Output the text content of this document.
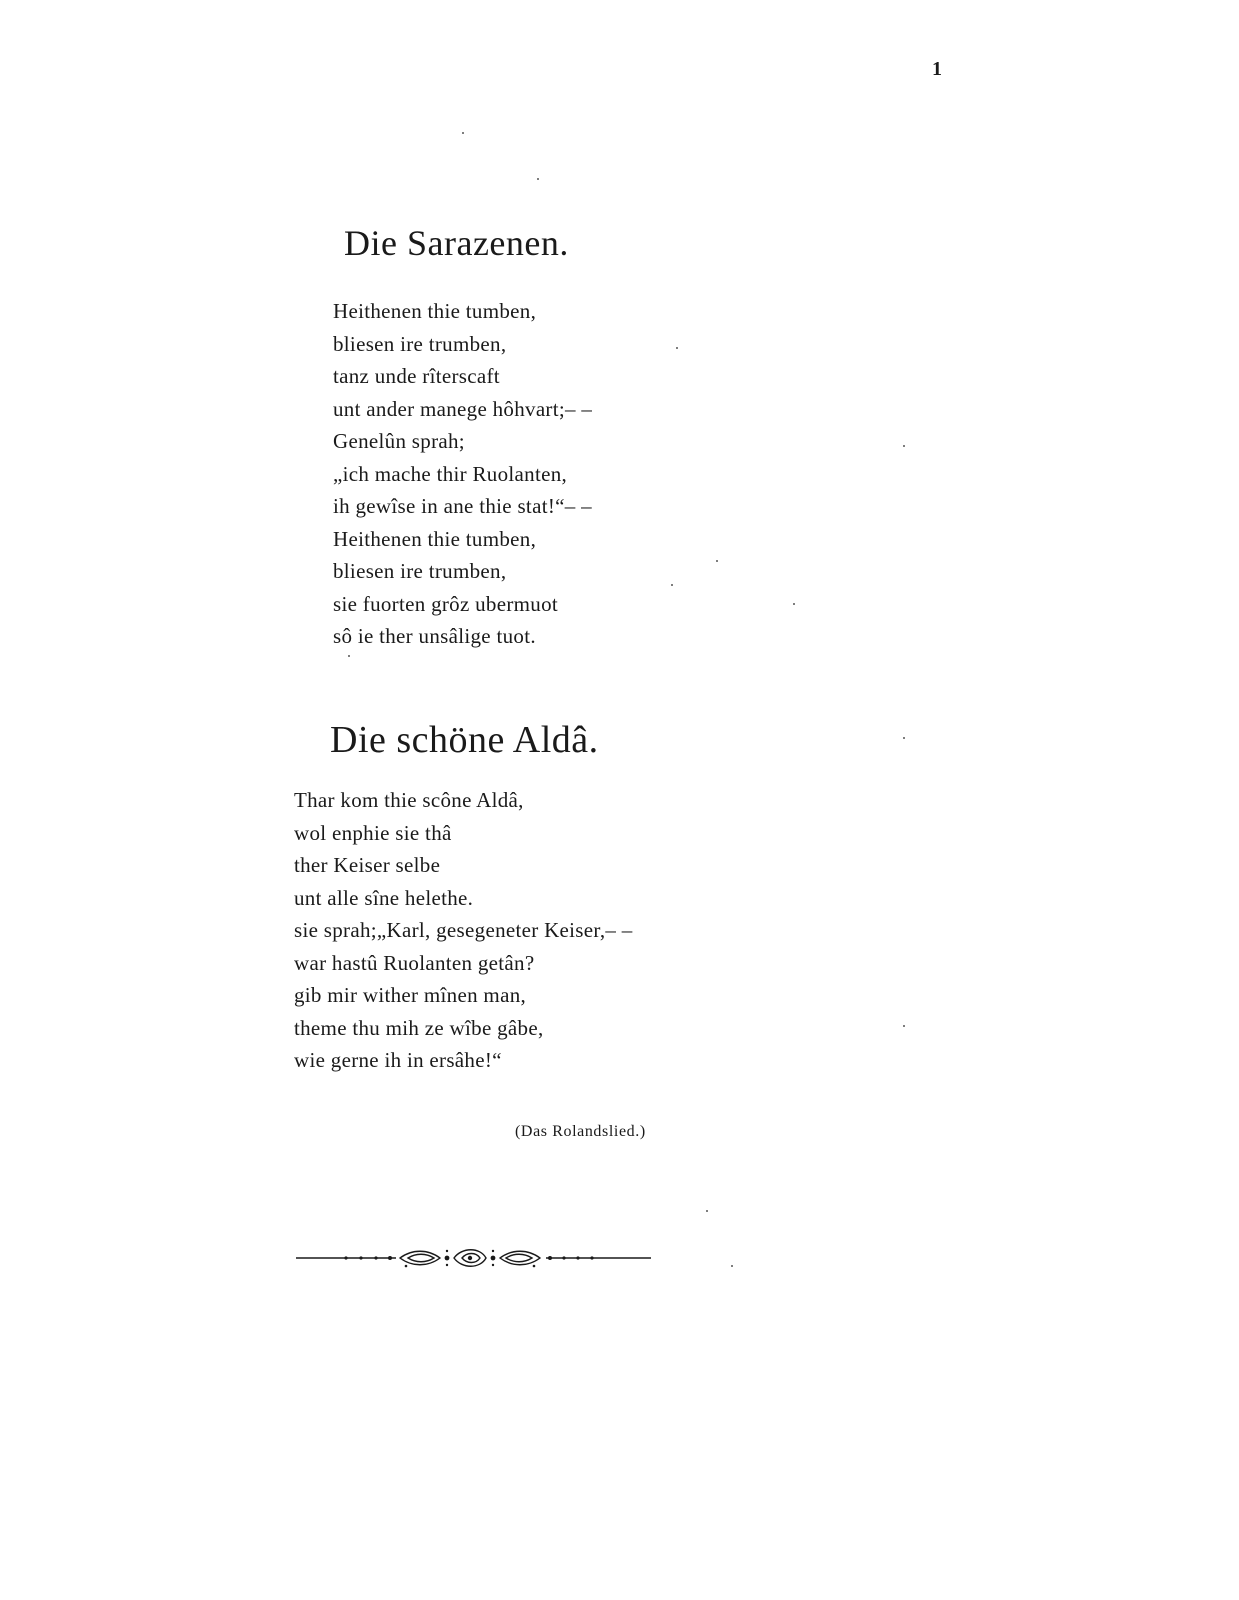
1

Die Sarazenen.
Heithenen thie tumben,
bliesen ire trumben,
tanz unde rîterscaft
unt ander manege hôhvart;– –
Genelûn sprah;
„ich mache thir Ruolanten,
ih gewîse in ane thie stat!“– –
Heithenen thie tumben,
bliesen ire trumben,
sie fuorten grôz ubermuot
sô ie ther unsâlige tuot.
Die schöne Aldâ.
Thar kom thie scône Aldâ,
wol enphie sie thâ
ther Keiser selbe
unt alle sîne helethe.
sie sprah;„Karl, gesegeneter Keiser,– –
war hastû Ruolanten getân?
gib mir wither mînen man,
theme thu mih ze wîbe gâbe,
wie gerne ih in ersâhe!“

(Das Rolandslied.)
